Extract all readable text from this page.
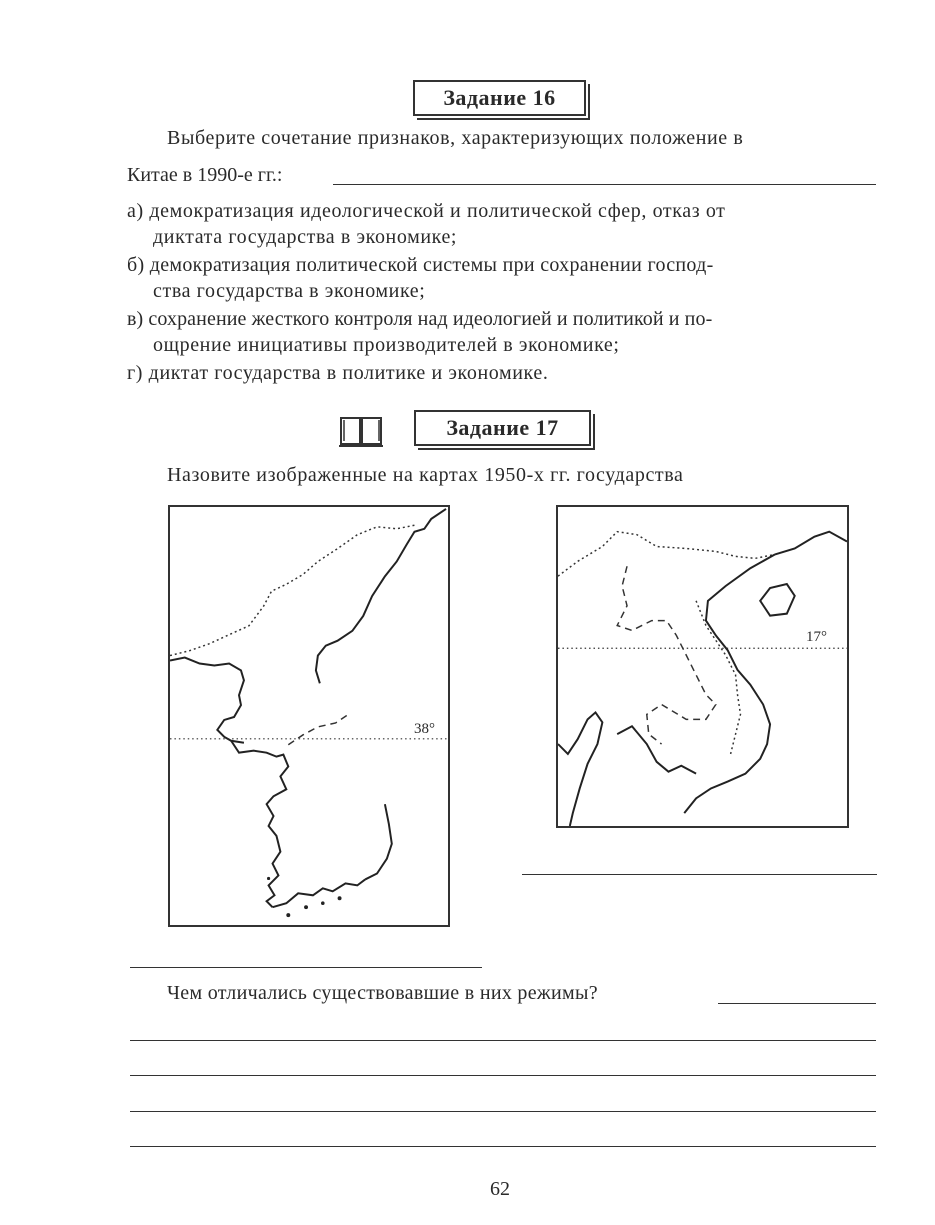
Задание 16
Выберите сочетание признаков, характеризующих положение в
Китае в 1990-е гг.:
а) демократизация идеологической и политической сфер, отказ от
диктата государства в экономике;
б) демократизация политической системы при сохранении господ-
ства государства в экономике;
в) сохранение жесткого контроля над идеологией и политикой и по-
ощрение инициативы производителей в экономике;
г) диктат государства в политике и экономике.
Задание 17
Назовите изображенные на картах 1950-х гг. государства
38°
17°
Чем отличались существовавшие в них режимы?
62
